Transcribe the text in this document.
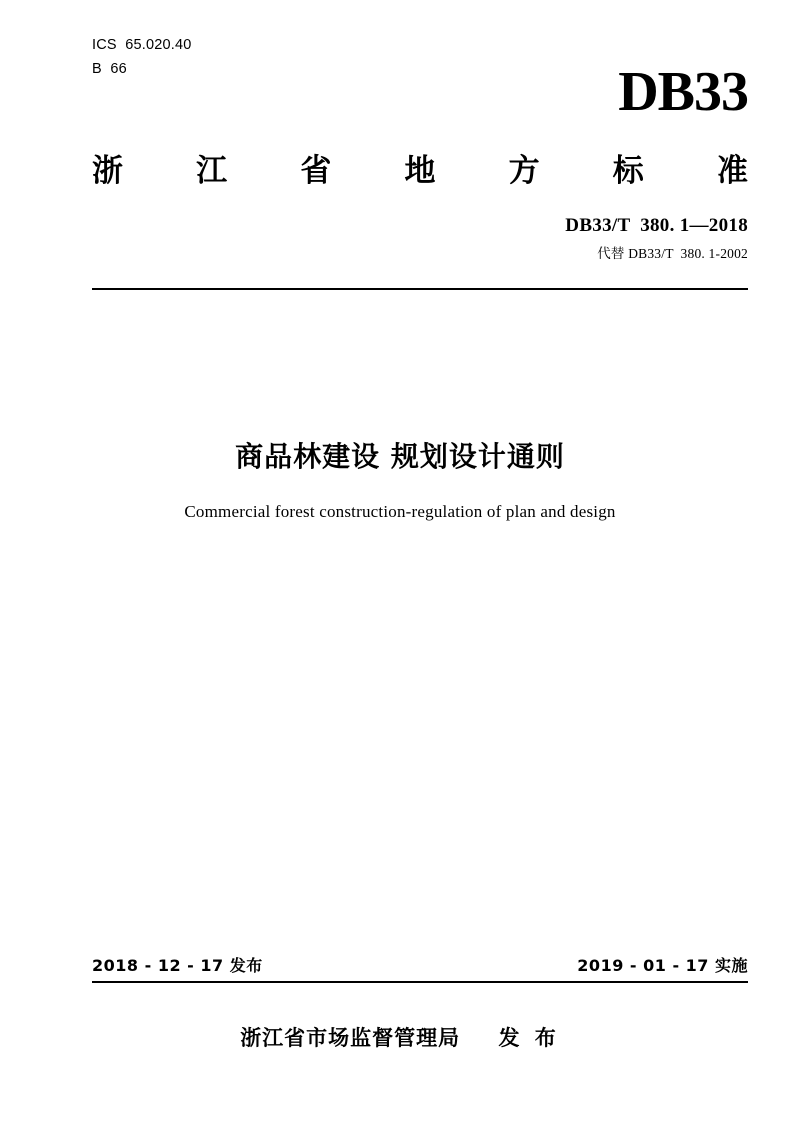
ICS  65.020.40
B  66	DB33
浙 江 省 地 方 标 准
DB33/T  380. 1—2018
代替 DB33/T  380. 1-2002
商品林建设 规划设计通则
Commercial forest construction-regulation of plan and design
2018 - 12 - 17 发布	2019 - 01 - 17 实施
浙江省市场监督管理局 发 布
